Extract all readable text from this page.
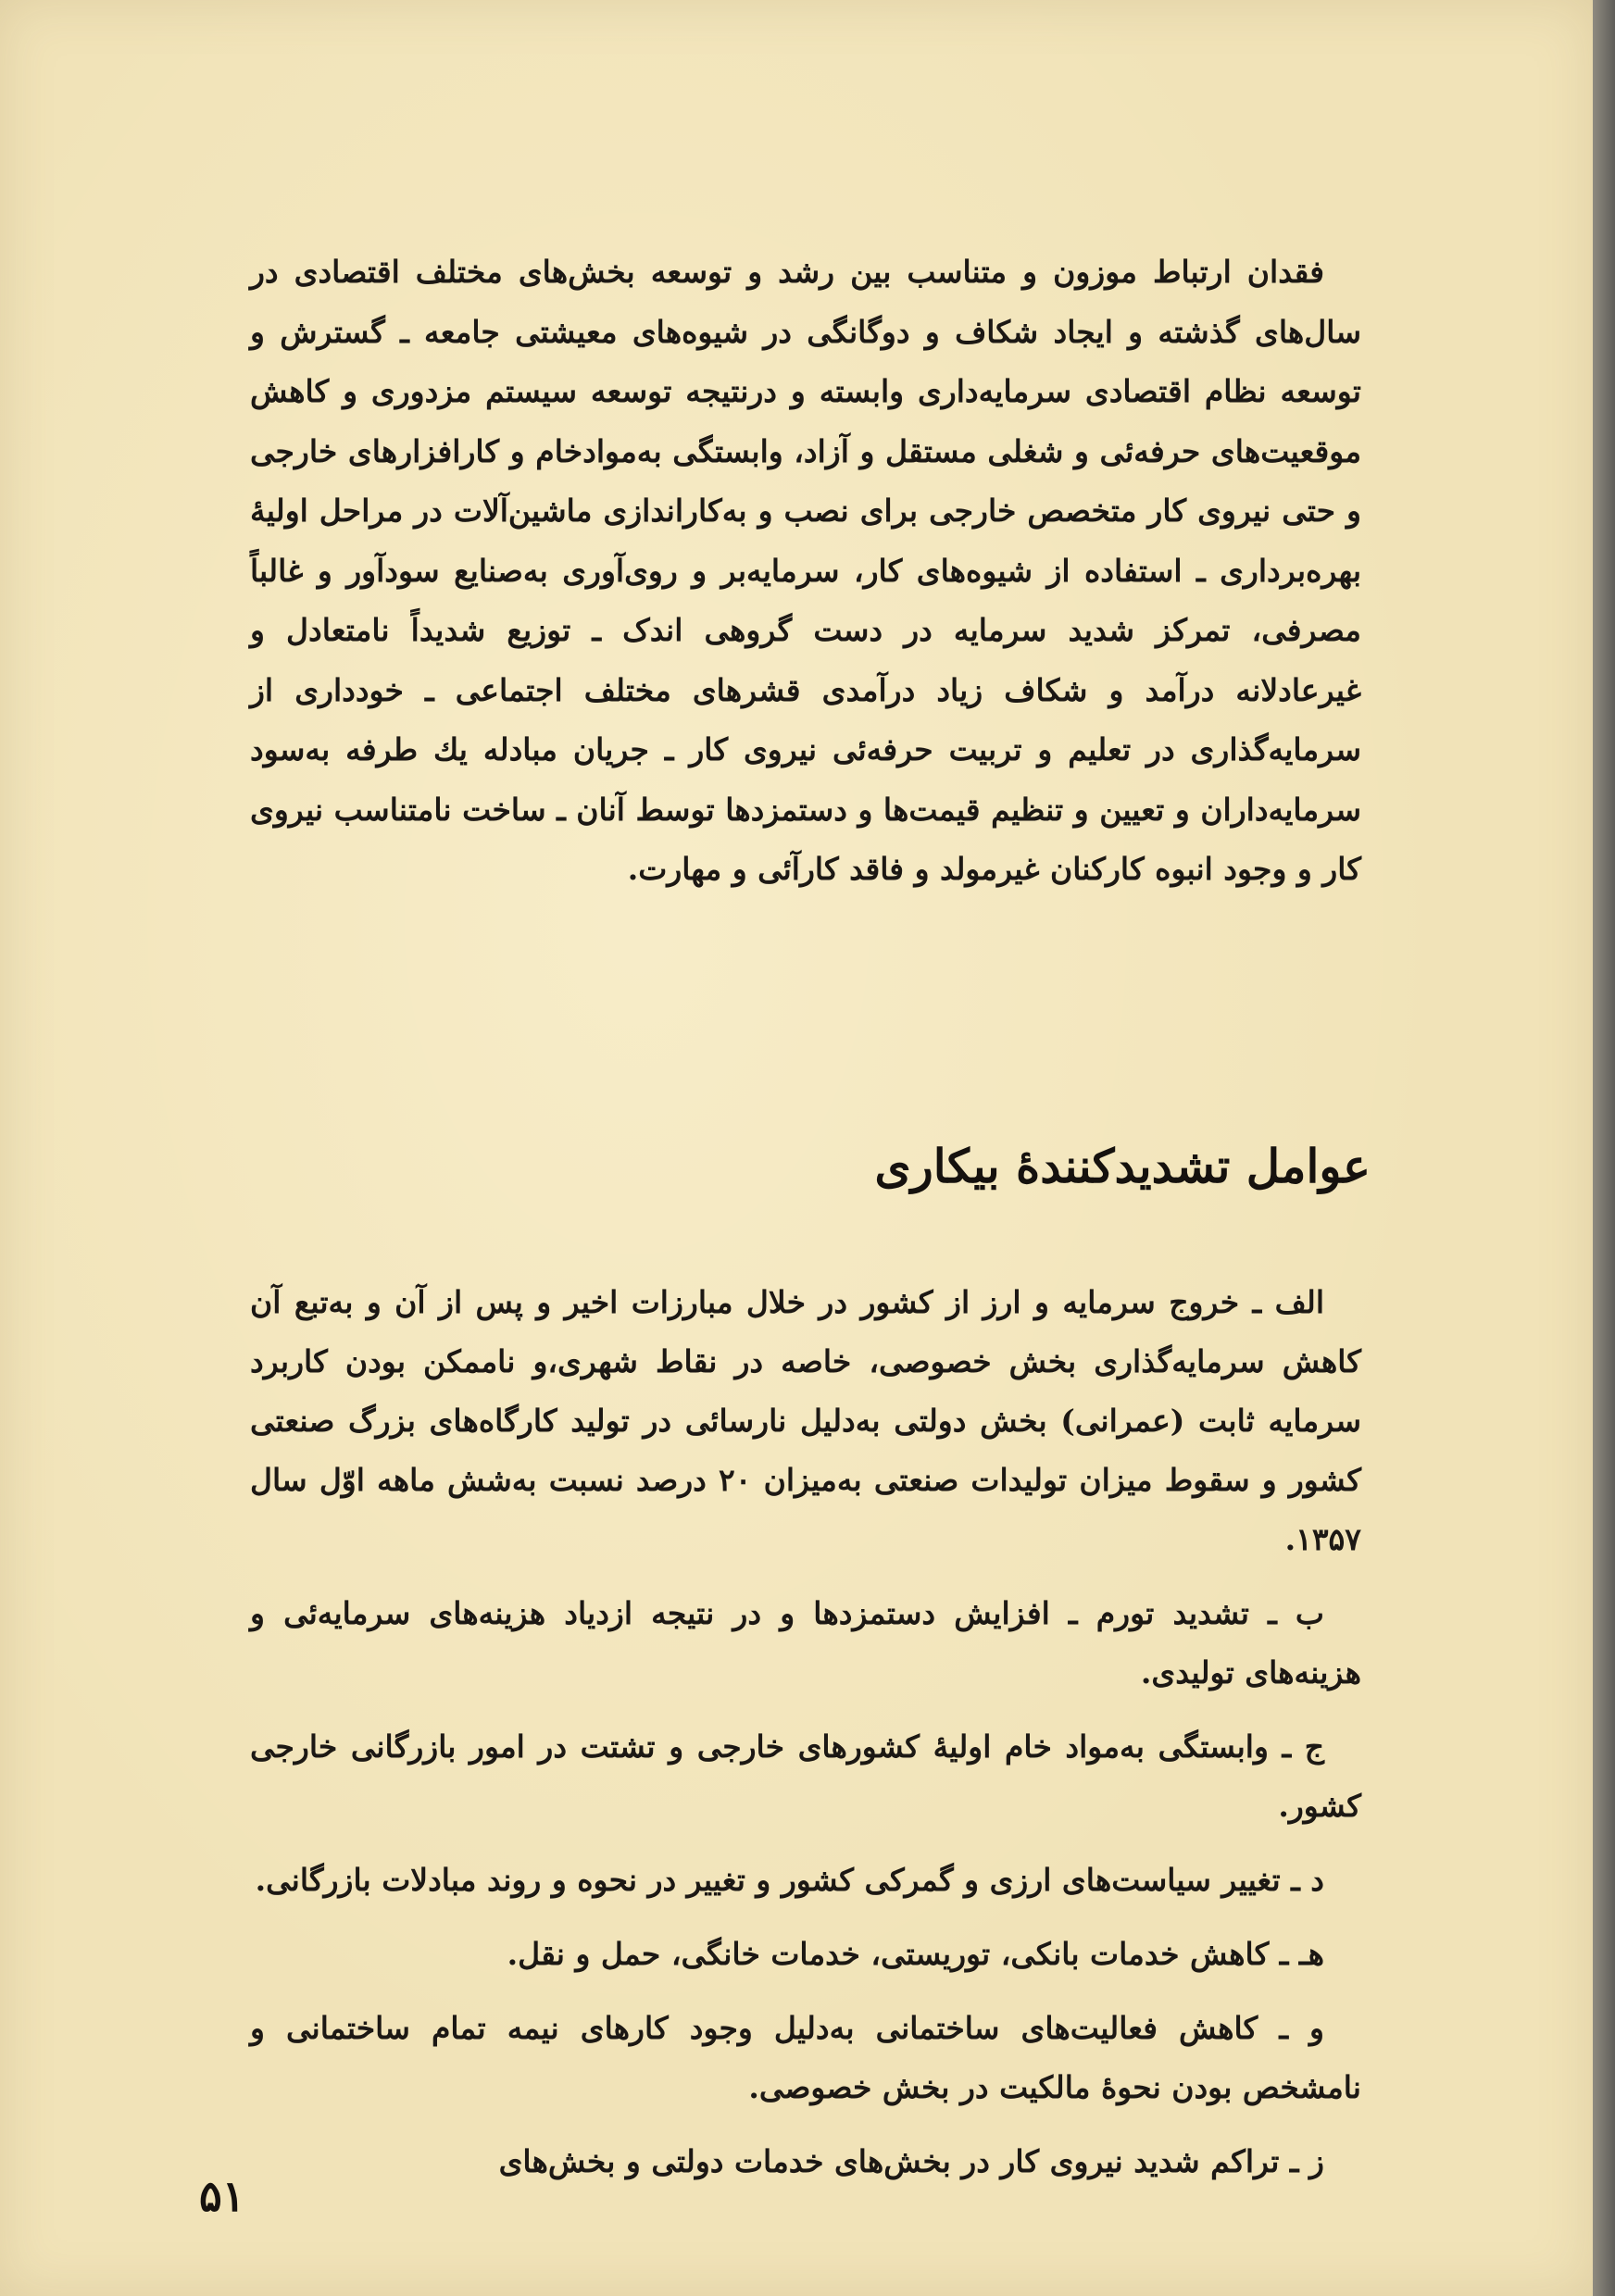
فقدان ارتباط موزون و متناسب بین رشد و توسعه بخش‌های مختلف اقتصادی در سال‌های گذشته و ایجاد شکاف و دوگانگی در شیوه‌های معیشتی جامعه ـ گسترش و توسعه نظام اقتصادی سرمایه‌داری وابسته و درنتیجه توسعه سیستم مزدوری و کاهش موقعیت‌های حرفه‌ئی و شغلی مستقل و آزاد، وابستگی به‌موادخام و کارافزارهای خارجی و حتی نیروی کار متخصص خارجی برای نصب و به‌کاراندازی ماشین‌آلات در مراحل اولیهٔ بهره‌برداری ـ استفاده از شیوه‌های کار، سرمایه‌بر و روی‌آوری به‌صنایع سودآور و غالباً مصرفی، تمرکز شدید سرمایه در دست گروهی اندک ـ توزیع شدیداً نامتعادل و غیرعادلانه درآمد و شکاف زیاد درآمدی قشرهای مختلف اجتماعی ـ خودداری از سرمایه‌گذاری در تعلیم و تربیت حرفه‌ئی نیروی کار ـ جریان مبادله یك طرفه به‌سود سرمایه‌داران و تعیین و تنظیم قیمت‌ها و دستمزدها توسط آنان ـ ساخت نامتناسب نیروی کار و وجود انبوه کارکنان غیرمولد و فاقد کارآئی و مهارت.

عوامل تشدیدکنندهٔ بیکاری

الف ـ خروج سرمایه و ارز از کشور در خلال مبارزات اخیر و پس از آن و به‌تبع آن کاهش سرمایه‌گذاری بخش خصوصی، خاصه در نقاط شهری،و ناممکن بودن کاربرد سرمایه ثابت (عمرانی) بخش دولتی به‌دلیل نارسائی در تولید کارگاه‌های بزرگ صنعتی کشور و سقوط میزان تولیدات صنعتی به‌میزان ۲۰ درصد نسبت به‌شش ماهه اوّل سال ۱۳۵۷.

ب ـ تشدید تورم ـ افزایش دستمزدها و در نتیجه ازدیاد هزینه‌های سرمایه‌ئی و هزینه‌های تولیدی.

ج ـ وابستگی به‌مواد خام اولیهٔ کشورهای خارجی و تشتت در امور بازرگانی خارجی کشور.

د ـ تغییر سیاست‌های ارزی و گمرکی کشور و تغییر در نحوه و روند مبادلات بازرگانی.

هـ ـ کاهش خدمات بانکی، توریستی، خدمات خانگی، حمل و نقل.

و ـ کاهش فعالیت‌های ساختمانی به‌دلیل وجود کارهای نیمه تمام ساختمانی و نامشخص بودن نحوهٔ مالکیت در بخش خصوصی.

ز ـ تراکم شدید نیروی کار در بخش‌های خدمات دولتی و بخش‌های

۵۱
